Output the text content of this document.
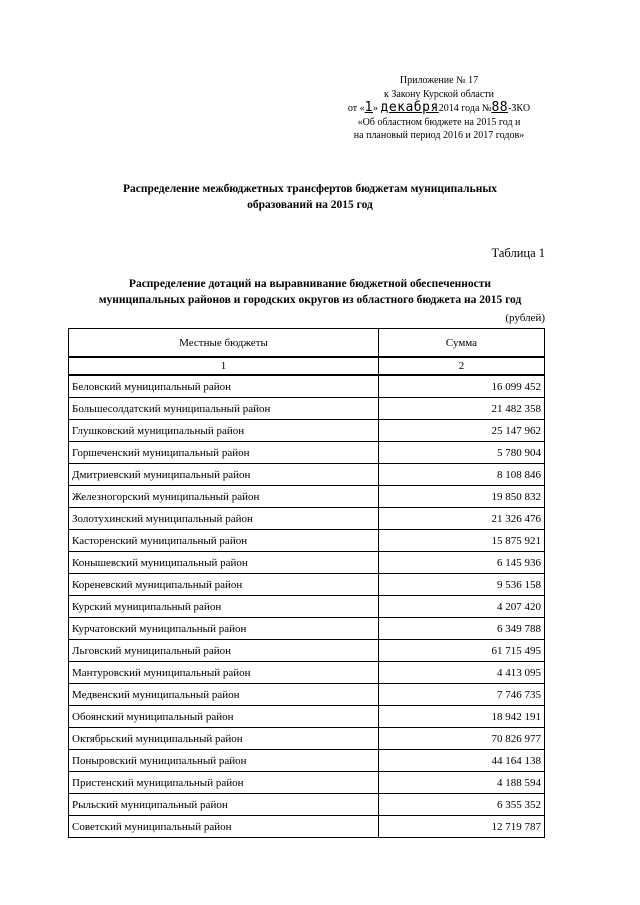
Приложение № 17
к Закону Курской области
от «1» декабря2014 года №88-ЗКО
«Об областном бюджете на 2015 год и
на плановый период 2016 и 2017 годов»
Распределение межбюджетных трансфертов бюджетам муниципальных
образований на 2015 год
Таблица 1
Распределение дотаций на выравнивание бюджетной обеспеченности
муниципальных районов и городских округов из областного бюджета на 2015 год
(рублей)
Местные бюджеты	Сумма
1	2
Беловский муниципальный район	16 099 452
Большесолдатский муниципальный район	21 482 358
Глушковский муниципальный район	25 147 962
Горшеченский муниципальный район	5 780 904
Дмитриевский муниципальный район	8 108 846
Железногорский муниципальный район	19 850 832
Золотухинский муниципальный район	21 326 476
Касторенский муниципальный район	15 875 921
Конышевский муниципальный район	6 145 936
Кореневский муниципальный район	9 536 158
Курский муниципальный район	4 207 420
Курчатовский муниципальный район	6 349 788
Льговский муниципальный район	61 715 495
Мантуровский муниципальный район	4 413 095
Медвенский муниципальный район	7 746 735
Обоянский муниципальный район	18 942 191
Октябрьский муниципальный район	70 826 977
Поныровский муниципальный район	44 164 138
Пристенский муниципальный район	4 188 594
Рыльский муниципальный район	6 355 352
Советский муниципальный район	12 719 787
